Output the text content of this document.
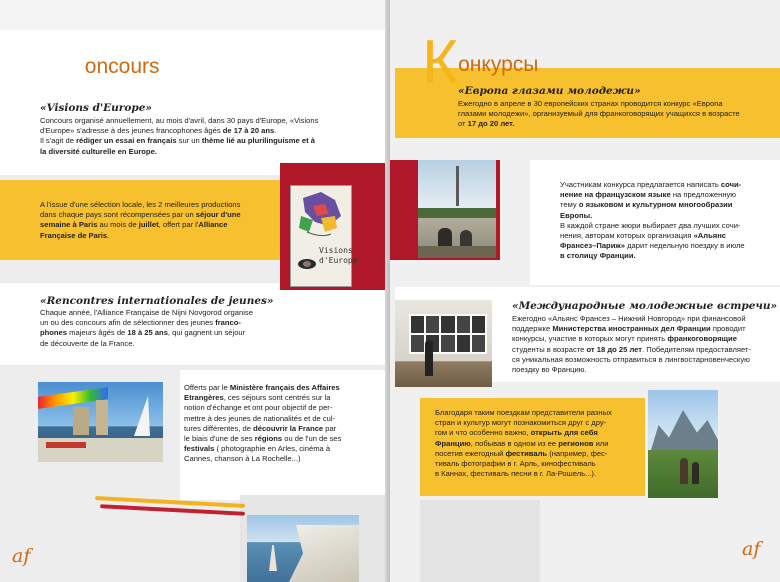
Concours
«Visions d'Europe»
Concours organisé annuellement, au mois d'avril, dans 30 pays d'Europe, «Visions
d'Europe» s'adresse à des jeunes francophones âgés de 17 à 20 ans.
Il s'agit de rédiger un essai en français sur un thème lié au plurilinguisme et à
la diversité culturelle en Europe.
A l'issue d'une sélection locale, les 2 meilleures productions
dans chaque pays sont récompensées par un séjour d'une
semaine à Paris au mois de juillet, offert par l'Alliance
Française de Paris.
Visions d'Europe
«Rencontres internationales de jeunes»
Chaque année, l'Alliance Française de Nijni Novgorod organise
un ou des concours afin de sélectionner des jeunes franco-
phones majeurs âgés de 18 à 25 ans, qui gagnent un séjour
de découverte de la France.
Offerts par le Ministère français des Affaires
Etrangères, ces séjours sont centrés sur la
notion d'échange et ont pour objectif de per-
mettre à des jeunes de nationalités et de cul-
tures différentes, de découvrir la France par
le biais d'une de ses régions ou de l'un de ses
festivals ( photographie en Arles, cinéma à
Cannes, chanson à La Rochelle...)
af
Конкурсы
«Европа глазами молодежи»
Ежегодно в апреле в 30 европейских странах проводится конкурс «Европа
глазами молодежи», организуемый для франкоговорящих учащихся в возрасте
от 17 до 20 лет.
Участникам конкурса предлагается написать сочи-
нение на французском языке на предложенную
тему о языковом и культурном многообразии
Европы.
В каждой стране жюри выбирает два лучших сочи-
нения, авторам которых организация «Альянс
Франсез–Париж» дарит недельную поездку в июле
в столицу Франции.
«Международные молодежные встречи»
Ежегодно «Альянс Франсез – Нижний Новгород» при финансовой
поддержке Министерства иностранных дел Франции проводит
конкурсы, участие в которых могут принять франкоговорящие
студенты в возрасте от 18 до 25 лет. Победителям предоставляет-
ся уникальная возможность отправиться в лингвостарновенческую
поездку во Францию.
Благодаря таким поездкам представители разных
стран и культур могут познакомиться друг с дру-
гом и что особенно важно, открыть для себя
Францию, побывав в одном из ее регионов или
посетив ежегодный фестиваль (например, фес-
тиваль фотографии в г. Арль, кинофестиваль
в Каннах, фестиваль песни в г. Ла-Рошель...).
af
